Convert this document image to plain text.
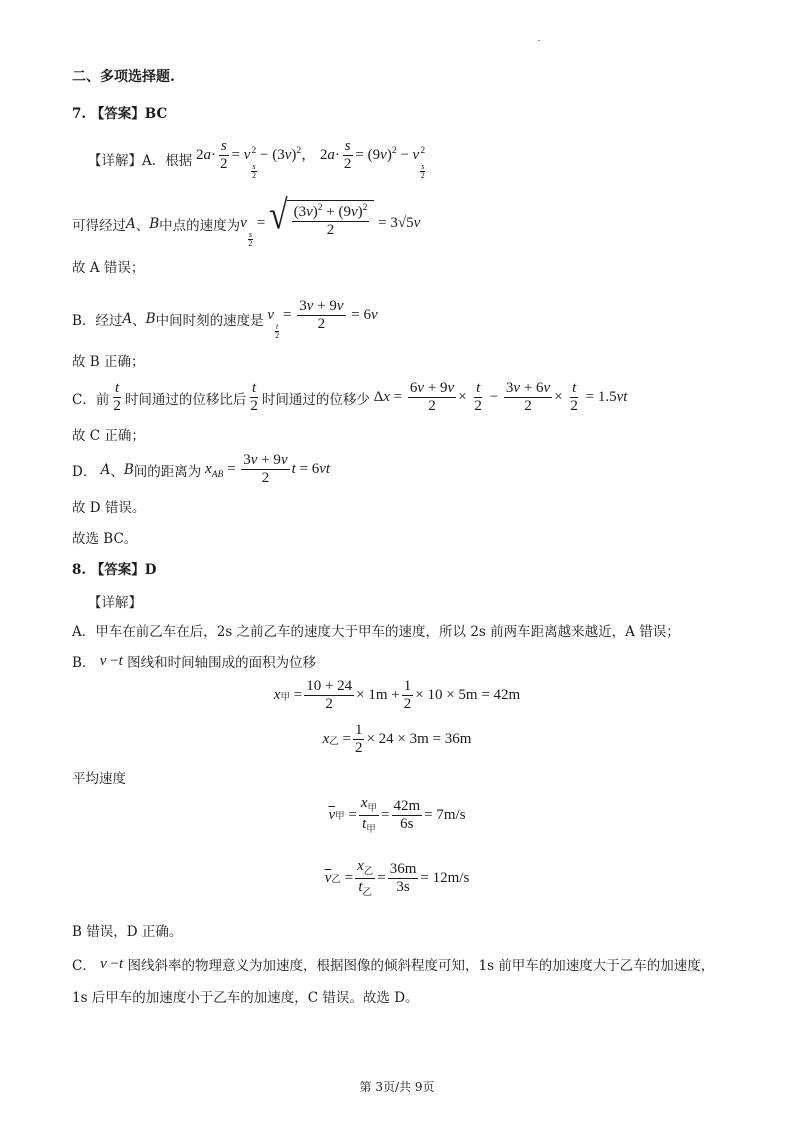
二、多项选择题.
7. 【答案】BC
【详解】A．根据 $2a\cdot \frac{s}{2} = v$
$\frac{s}{2}$
$^2 - (3v)^2$， $2a\cdot \frac{s}{2} = (9v)^2 - v$
$\frac{s}{2}$
$^2$
可得经过 A 、 B 中点的速度为 v
$\frac{s}{2}$
= √ $\frac{(3v)^2 + (9v)^2}{2} = 3√5v$
故 A 错误；
B．经过 A 、 B 中间时刻的速度是 v
$\frac{t}{2}$
= $\frac{3v + 9v}{2} = 6v$
故 B 正确；
C．前 $\frac{t}{2}$ 时间通过的位移比后 $\frac{t}{2}$ 时间通过的位移少 $\Delta x = \frac{6v + 9v}{2} \times \frac{t}{2} - \frac{3v + 6v}{2} \times \frac{t}{2} = 1.5vt$
故 C 正确；
D． A 、 B 间的距离为 $x_{AB} = \frac{3v + 9v}{2}$ t = 6vt
故 D 错误。
故选 BC。
8. 【答案】D
【详解】
A．甲车在前乙车在后，2s 之前乙车的速度大于甲车的速度，所以 2s 前两车距离越来越近，A 错误；
B． v − t
图线和时间轴围成的面积为位移
x 甲 = $\frac{10 + 24}{2} \times 1m + \frac{1}{2} \times 10 \times 5m = 42m$
x 乙 = $\frac{1}{2} \times 24 \times 3m = 36m$
平均速度
$\overline{v}$ 甲 = $\frac{x_甲}{t_甲} = \frac{42m}{6s} = 7m/s$
$\overline{v}$ 乙 = $\frac{x_乙}{t_乙} = \frac{36m}{3s} = 12m/s$
B 错误，D 正确。
C． v − t
图线斜率的物理意义为加速度，根据图像的倾斜程度可知，1s 前甲车的加速度大于乙车的加速度，
1s 后甲车的加速度小于乙车的加速度，C 错误。故选 D。
第 3页/共 9页
